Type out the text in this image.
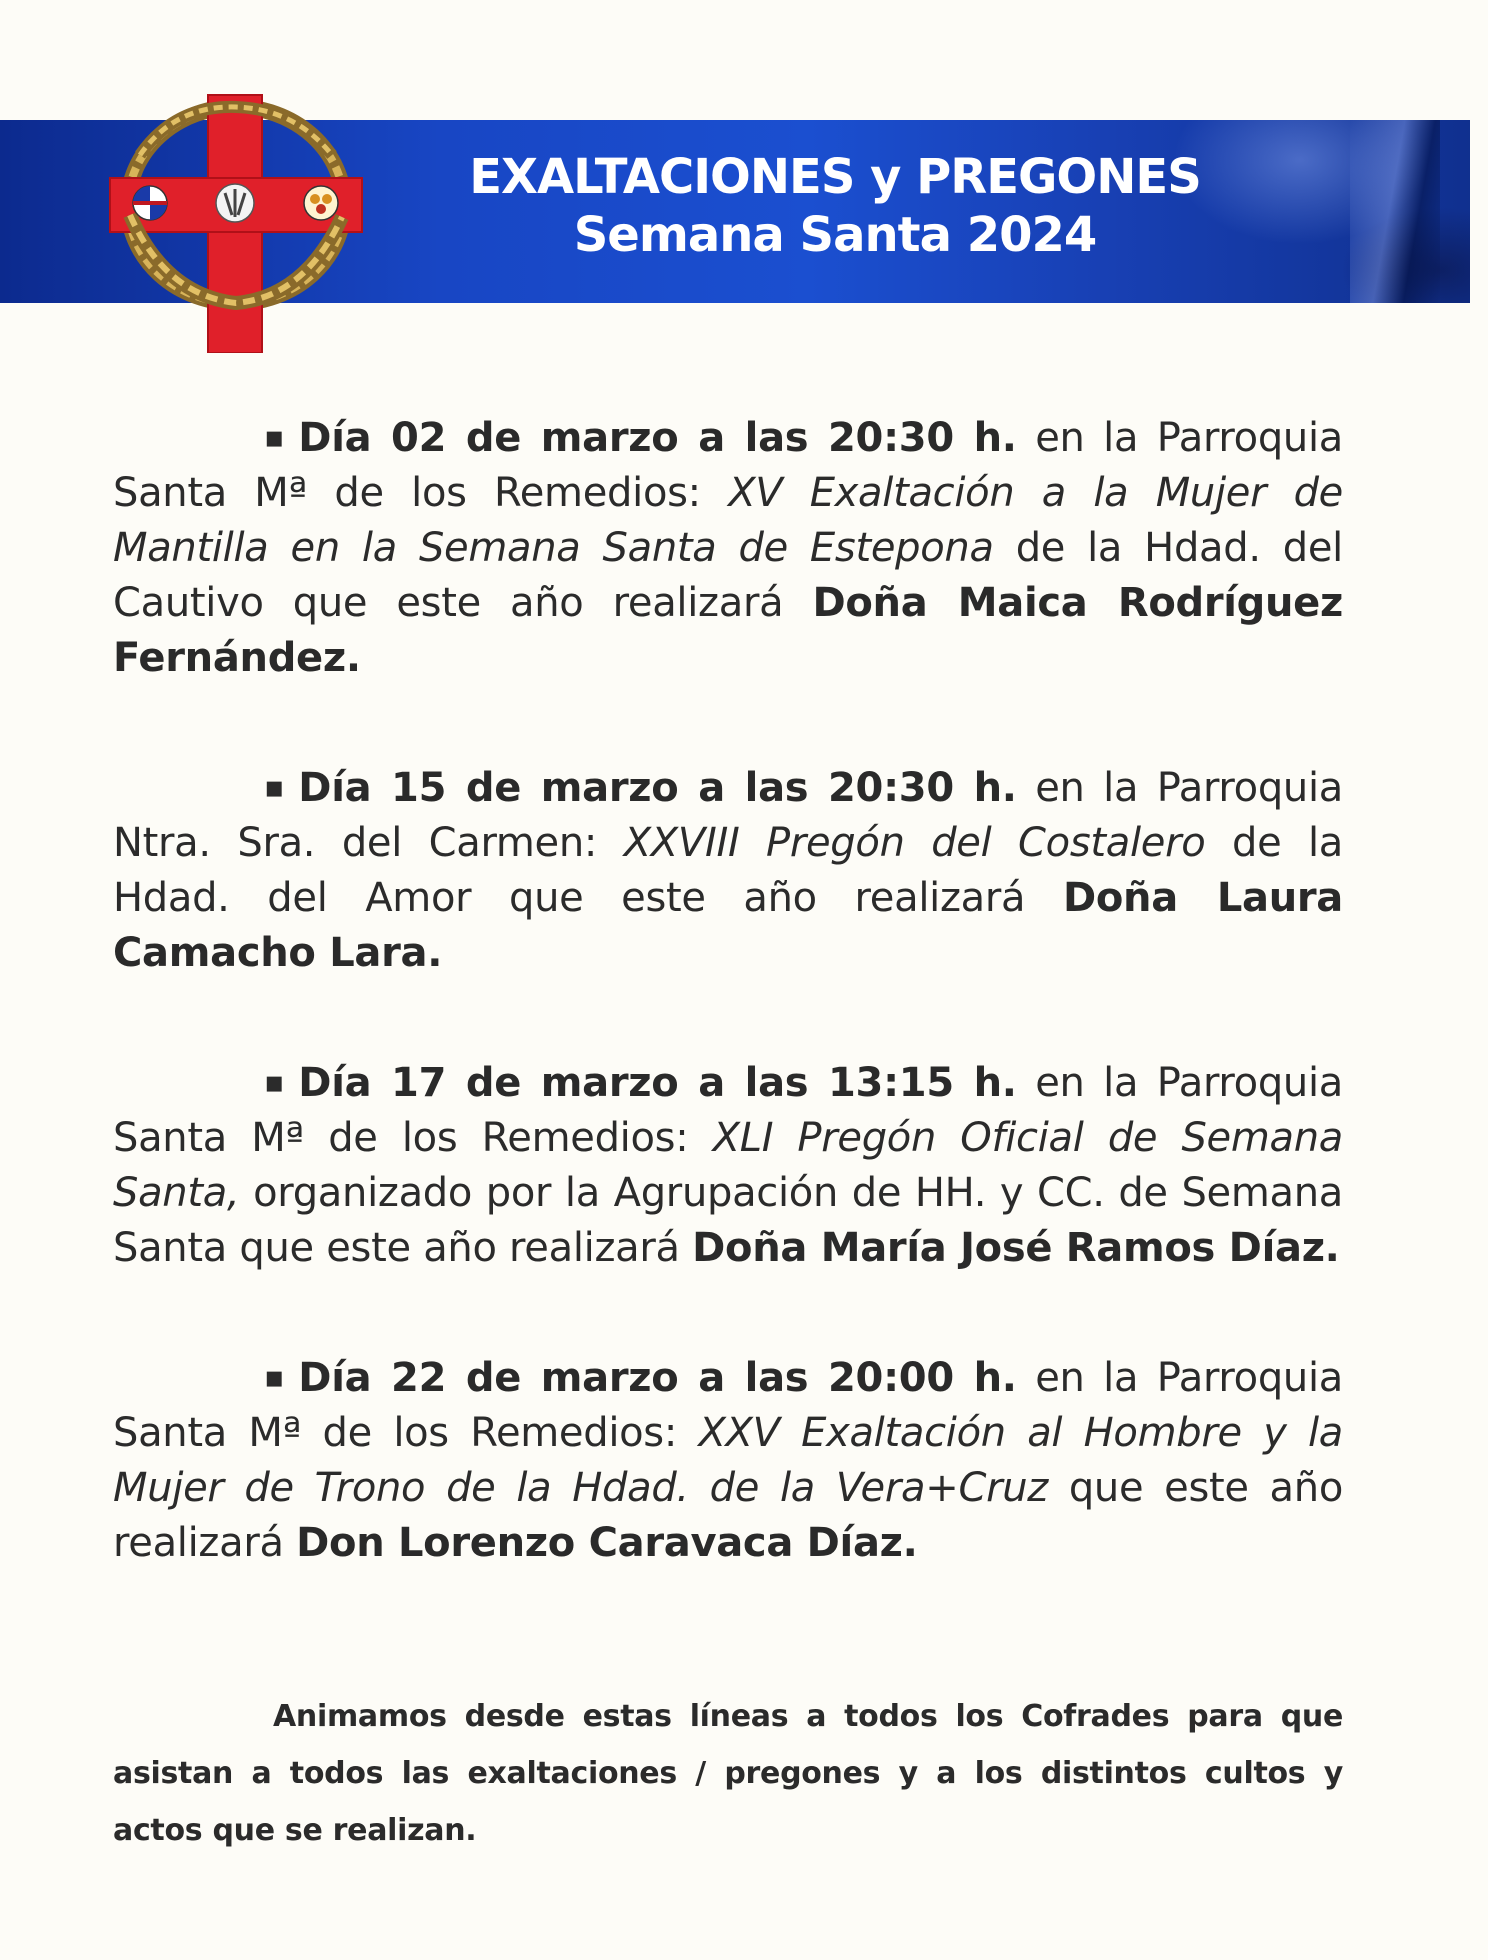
EXALTACIONES y PREGONES
Semana Santa 2024

▪ Día 02 de marzo a las 20:30 h. en la Parroquia Santa Mª de los Remedios: XV Exaltación a la Mujer de Mantilla en la Semana Santa de Estepona de la Hdad. del Cautivo que este año realizará Doña Maica Rodríguez Fernández.

▪ Día 15 de marzo a las 20:30 h. en la Parroquia Ntra. Sra. del Carmen: XXVIII Pregón del Costalero de la Hdad. del Amor que este año realizará Doña Laura Camacho Lara.

▪ Día 17 de marzo a las 13:15 h. en la Parroquia Santa Mª de los Remedios: XLI Pregón Oficial de Semana Santa, organizado por la Agrupación de HH. y CC. de Semana Santa que este año realizará Doña María José Ramos Díaz.

▪ Día 22 de marzo a las 20:00 h. en la Parroquia Santa Mª de los Remedios: XXV Exaltación al Hombre y la Mujer de Trono de la Hdad. de la Vera+Cruz que este año realizará Don Lorenzo Caravaca Díaz.

Animamos desde estas líneas a todos los Cofrades para que asistan a todos las exaltaciones / pregones y a los distintos cultos y actos que se realizan.
